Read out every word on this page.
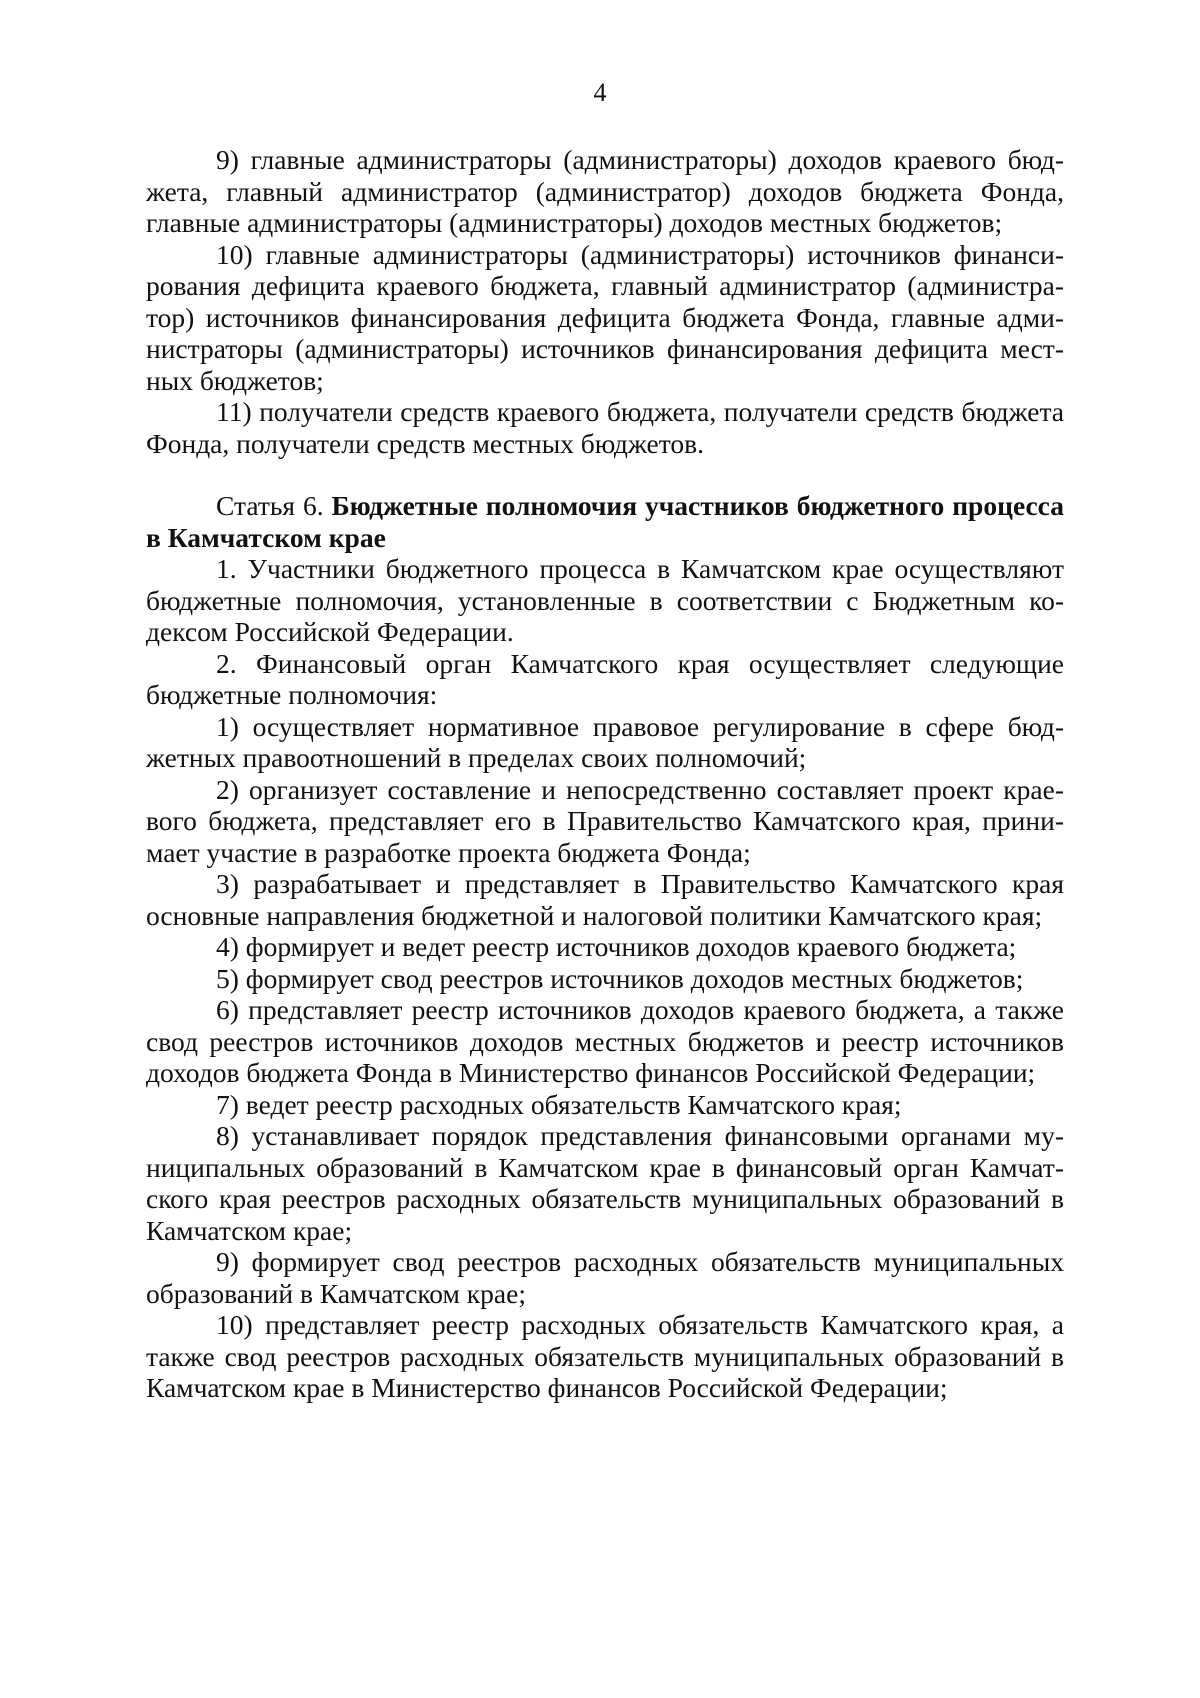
4

9) главные администраторы (администраторы) доходов краевого бюджета, главный администратор (администратор) доходов бюджета Фонда, главные администраторы (администраторы) доходов местных бюджетов;

10) главные администраторы (администраторы) источников финансирования дефицита краевого бюджета, главный администратор (администратор) источников финансирования дефицита бюджета Фонда, главные администраторы (администраторы) источников финансирования дефицита местных бюджетов;

11) получатели средств краевого бюджета, получатели средств бюджета Фонда, получатели средств местных бюджетов.

Статья 6. Бюджетные полномочия участников бюджетного процесса в Камчатском крае

1. Участники бюджетного процесса в Камчатском крае осуществляют бюджетные полномочия, установленные в соответствии с Бюджетным кодексом Российской Федерации.

2. Финансовый орган Камчатского края осуществляет следующие бюджетные полномочия:

1) осуществляет нормативное правовое регулирование в сфере бюджетных правоотношений в пределах своих полномочий;

2) организует составление и непосредственно составляет проект краевого бюджета, представляет его в Правительство Камчатского края, принимает участие в разработке проекта бюджета Фонда;

3) разрабатывает и представляет в Правительство Камчатского края основные направления бюджетной и налоговой политики Камчатского края;

4) формирует и ведет реестр источников доходов краевого бюджета;

5) формирует свод реестров источников доходов местных бюджетов;

6) представляет реестр источников доходов краевого бюджета, а также свод реестров источников доходов местных бюджетов и реестр источников доходов бюджета Фонда в Министерство финансов Российской Федерации;

7) ведет реестр расходных обязательств Камчатского края;

8) устанавливает порядок представления финансовыми органами муниципальных образований в Камчатском крае в финансовый орган Камчатского края реестров расходных обязательств муниципальных образований в Камчатском крае;

9) формирует свод реестров расходных обязательств муниципальных образований в Камчатском крае;

10) представляет реестр расходных обязательств Камчатского края, а также свод реестров расходных обязательств муниципальных образований в Камчатском крае в Министерство финансов Российской Федерации;
